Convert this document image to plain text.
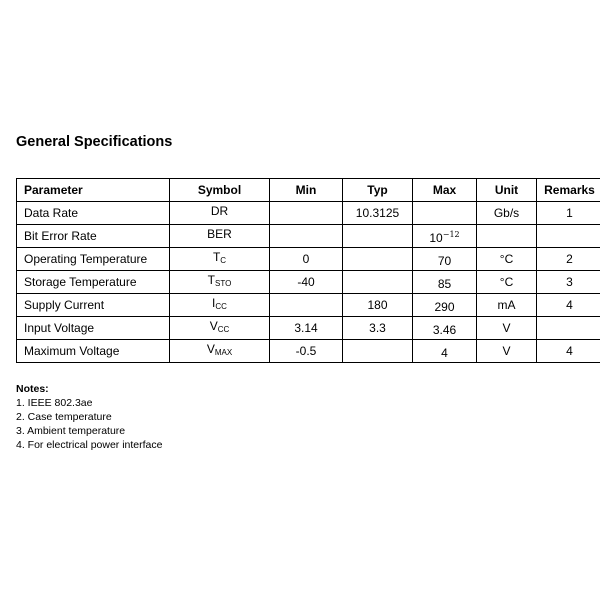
General Specifications
Parameter	Symbol	Min	Typ	Max	Unit	Remarks
Data Rate	DR		10.3125		Gb/s	1
Bit Error Rate	BER			$10^{-12}$		
Operating Temperature	$T_C$	0		70	°C	2
Storage Temperature	$T_{STO}$	-40		85	°C	3
Supply Current	$I_{CC}$		180	290	mA	4
Input Voltage	$V_{CC}$	3.14	3.3	3.46	V	
Maximum Voltage	$V_{MAX}$	-0.5		4	V	4
Notes:
1. IEEE 802.3ae
2. Case temperature
3. Ambient temperature
4. For electrical power interface
